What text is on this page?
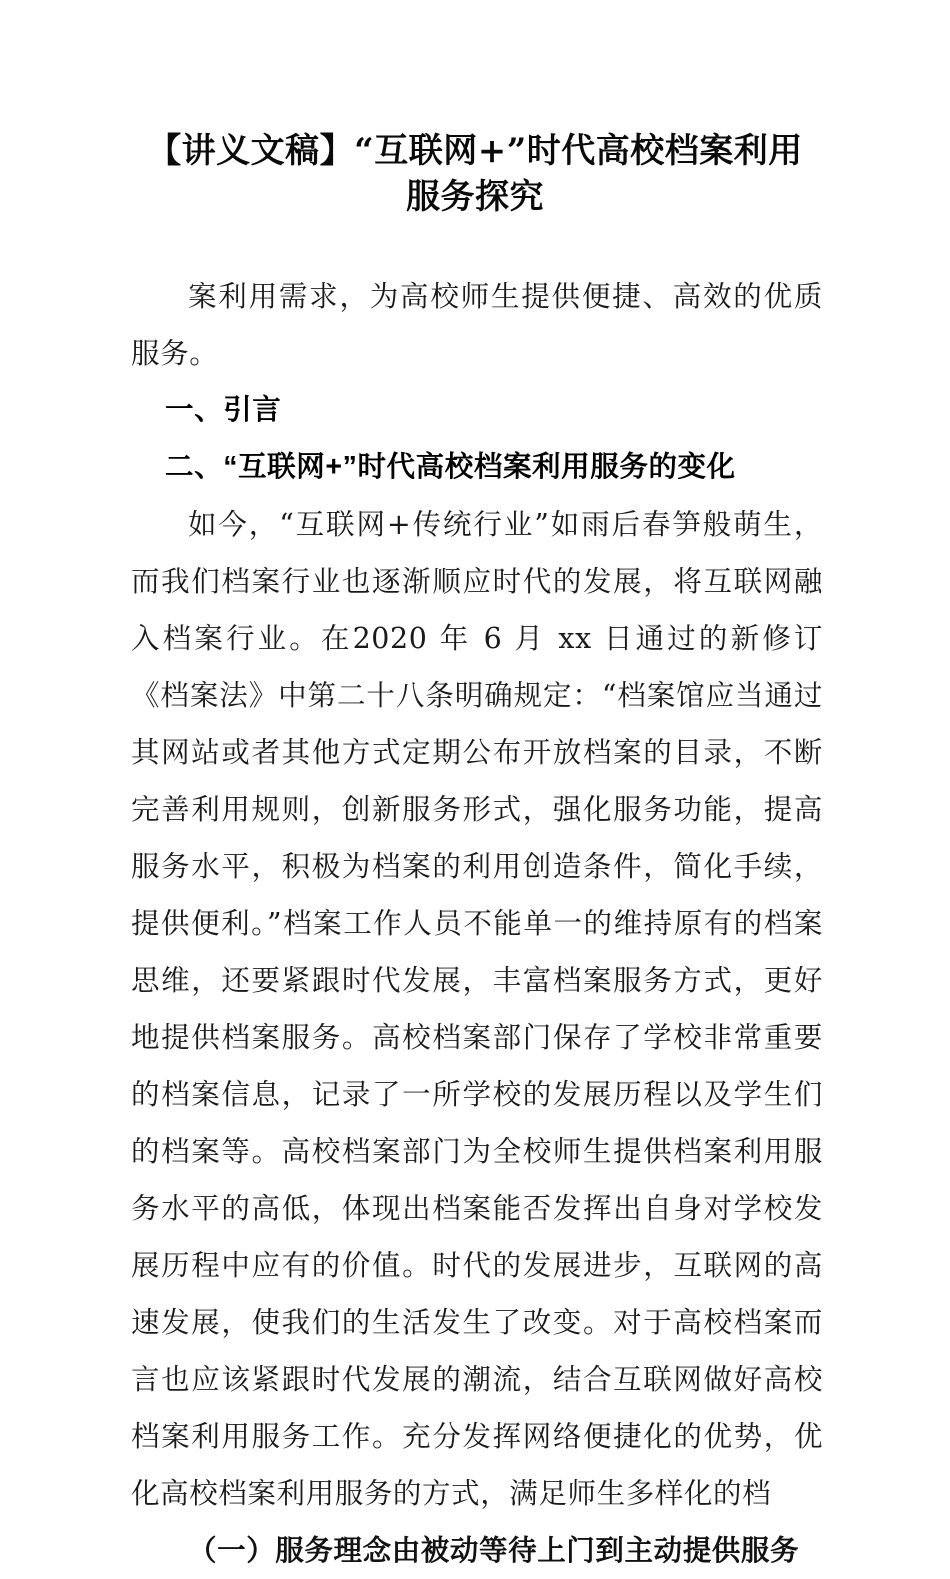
【讲义文稿】“互联网+”时代高校档案利用
服务探究

案利用需求，为高校师生提供便捷、高效的优质服务。

一、引言

二、“互联网+”时代高校档案利用服务的变化

如今，“互联网+传统行业”如雨后春笋般萌生，而我们档案行业也逐渐顺应时代的发展，将互联网融入档案行业。在2020 年 6 月 xx 日通过的新修订《档案法》中第二十八条明确规定：“档案馆应当通过其网站或者其他方式定期公布开放档案的目录，不断完善利用规则，创新服务形式，强化服务功能，提高服务水平，积极为档案的利用创造条件，简化手续，提供便利。”档案工作人员不能单一的维持原有的档案思维，还要紧跟时代发展，丰富档案服务方式，更好地提供档案服务。高校档案部门保存了学校非常重要的档案信息，记录了一所学校的发展历程以及学生们的档案等。高校档案部门为全校师生提供档案利用服务水平的高低，体现出档案能否发挥出自身对学校发展历程中应有的价值。时代的发展进步，互联网的高速发展，使我们的生活发生了改变。对于高校档案而言也应该紧跟时代发展的潮流，结合互联网做好高校档案利用服务工作。充分发挥网络便捷化的优势，优化高校档案利用服务的方式，满足师生多样化的档

（一）服务理念由被动等待上门到主动提供服务
